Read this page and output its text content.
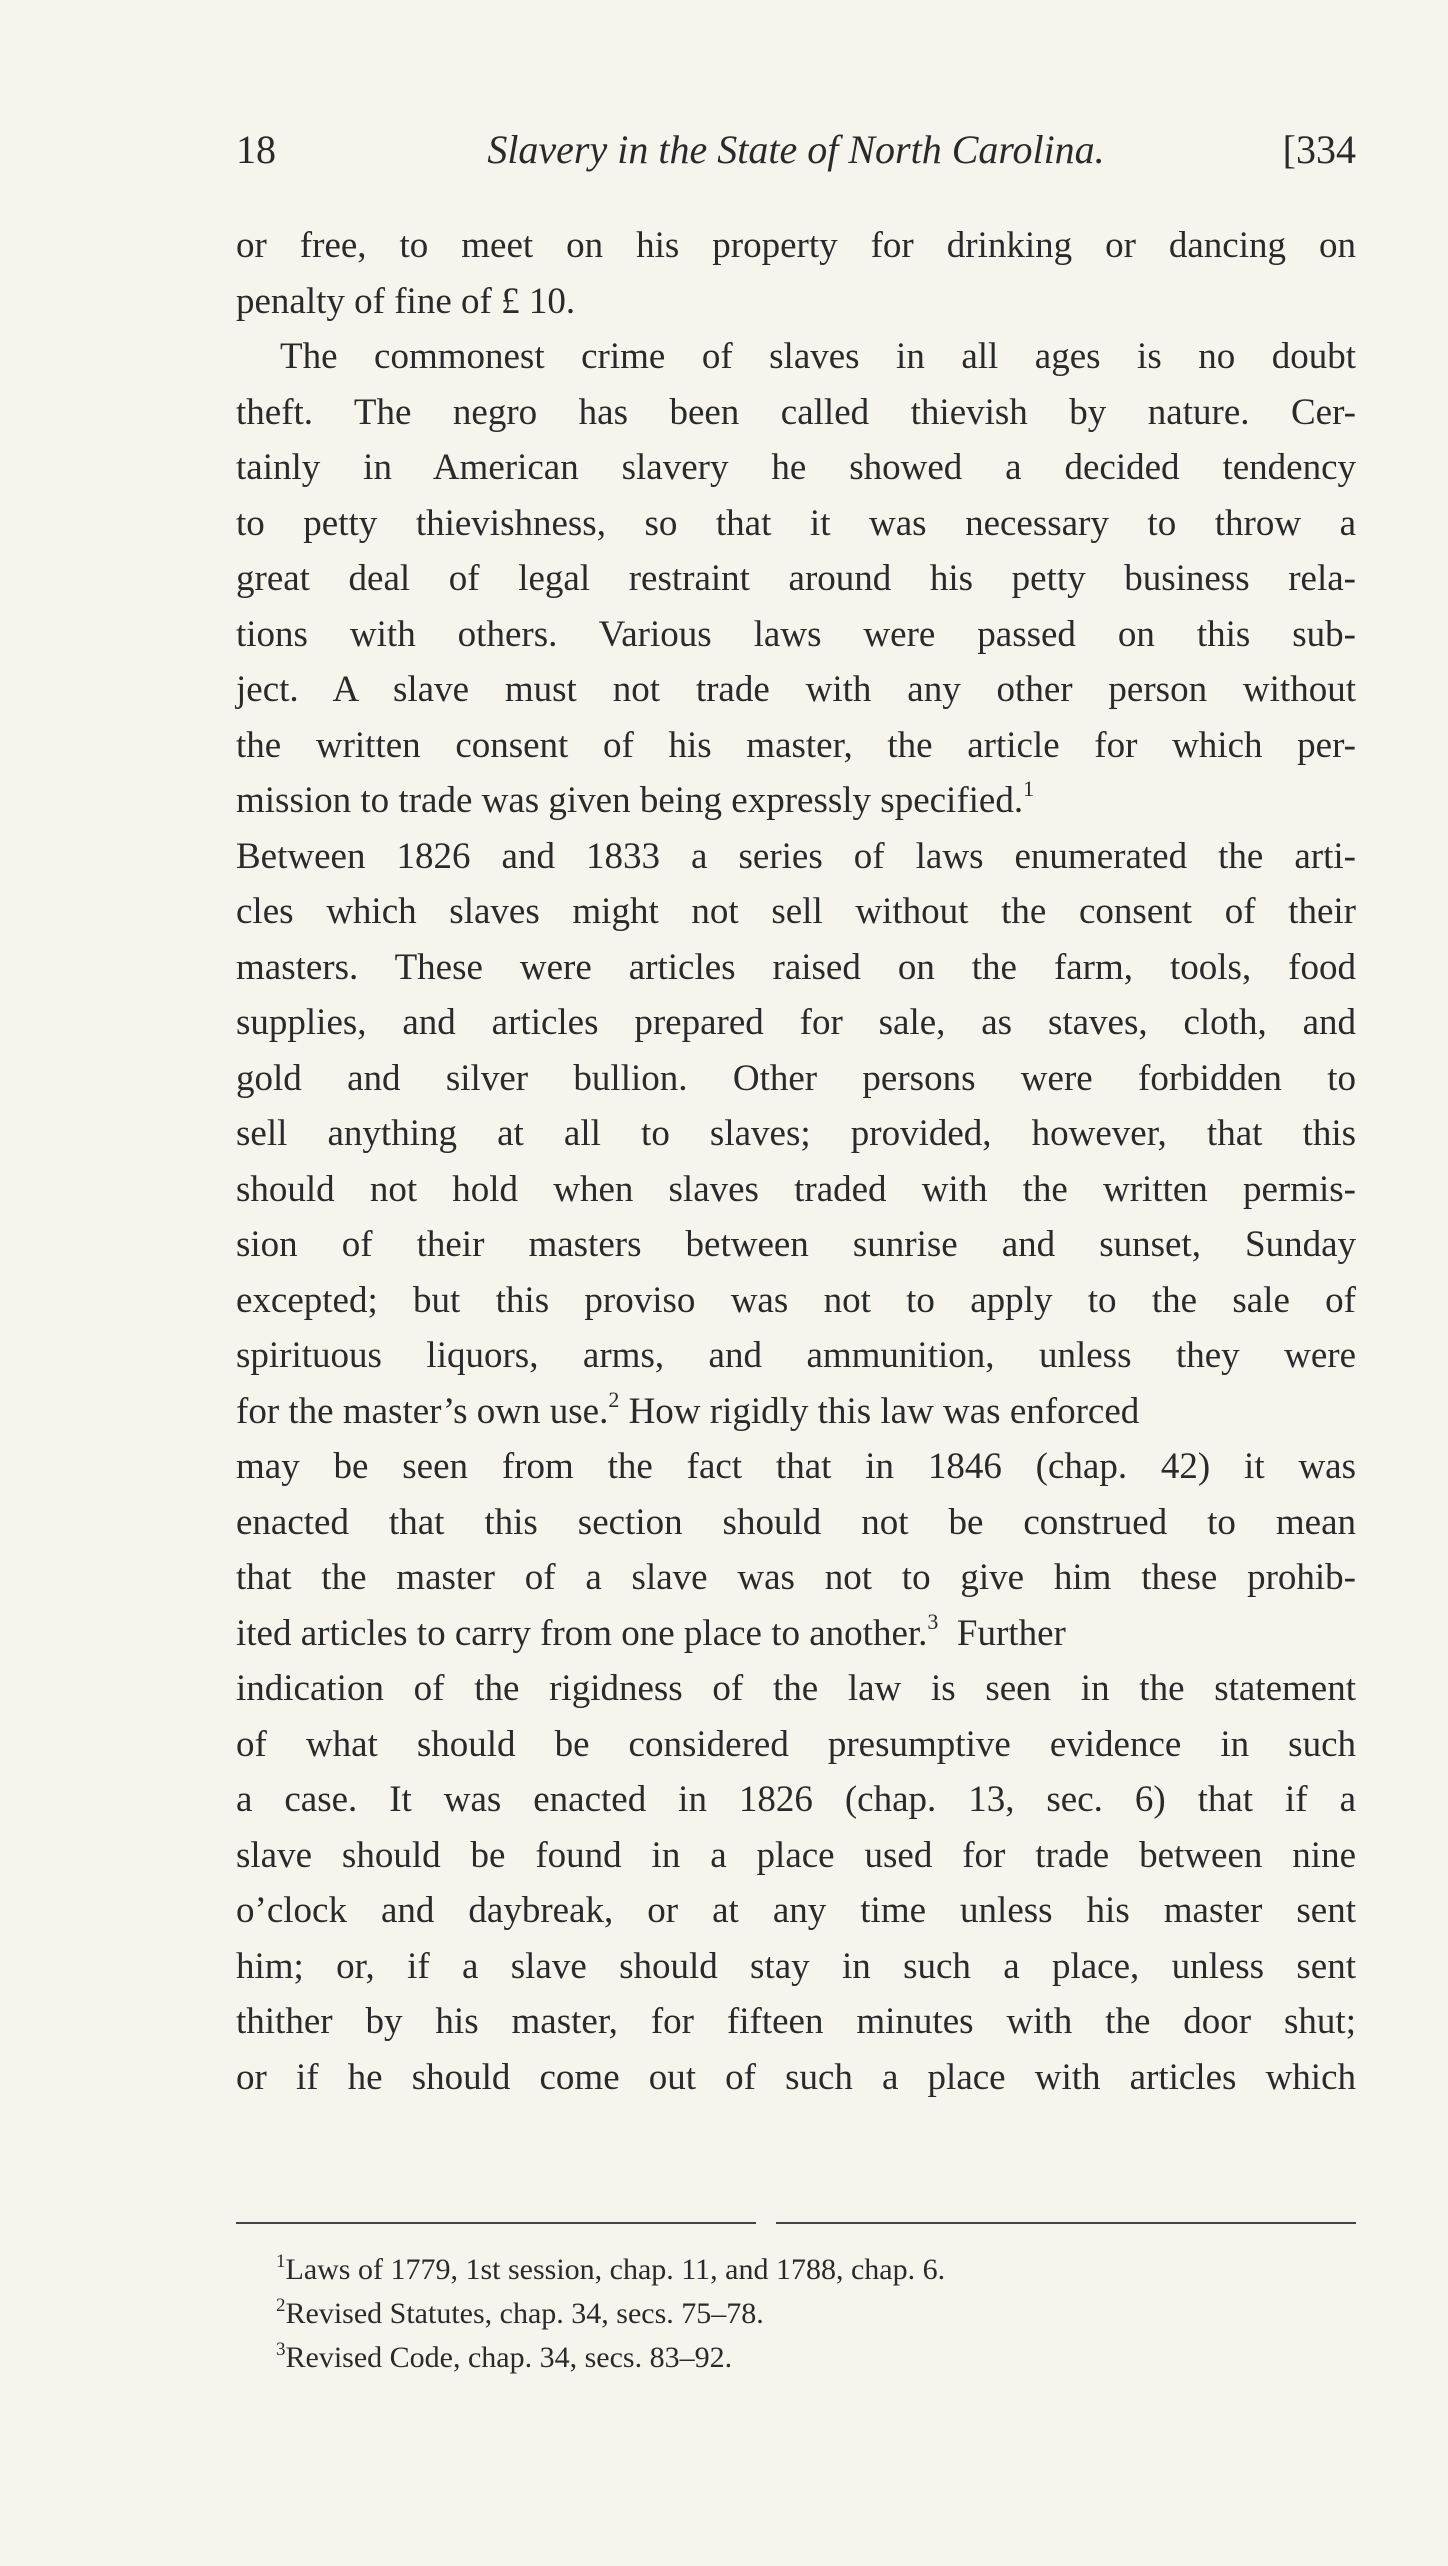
18	Slavery in the State of North Carolina.	[334
or free, to meet on his property for drinking or dancing on
penalty of fine of £ 10.
The commonest crime of slaves in all ages is no doubt
theft. The negro has been called thievish by nature. Cer-
tainly in American slavery he showed a decided tendency
to petty thievishness, so that it was necessary to throw a
great deal of legal restraint around his petty business rela-
tions with others. Various laws were passed on this sub-
ject. A slave must not trade with any other person without
the written consent of his master, the article for which per-
mission to trade was given being expressly specified.$^1$
Between 1826 and 1833 a series of laws enumerated the arti-
cles which slaves might not sell without the consent of their
masters. These were articles raised on the farm, tools, food
supplies, and articles prepared for sale, as staves, cloth, and
gold and silver bullion. Other persons were forbidden to
sell anything at all to slaves; provided, however, that this
should not hold when slaves traded with the written permis-
sion of their masters between sunrise and sunset, Sunday
excepted; but this proviso was not to apply to the sale of
spirituous liquors, arms, and ammunition, unless they were
for the master’s own use.$^2$ How rigidly this law was enforced
may be seen from the fact that in 1846 (chap. 42) it was
enacted that this section should not be construed to mean
that the master of a slave was not to give him these prohib-
ited articles to carry from one place to another.$^3$ Further
indication of the rigidness of the law is seen in the statement
of what should be considered presumptive evidence in such
a case. It was enacted in 1826 (chap. 13, sec. 6) that if a
slave should be found in a place used for trade between nine
o’clock and daybreak, or at any time unless his master sent
him; or, if a slave should stay in such a place, unless sent
thither by his master, for fifteen minutes with the door shut;
or if he should come out of such a place with articles which
$^1$Laws of 1779, 1st session, chap. 11, and 1788, chap. 6.
$^2$Revised Statutes, chap. 34, secs. 75–78.
$^3$Revised Code, chap. 34, secs. 83–92.
